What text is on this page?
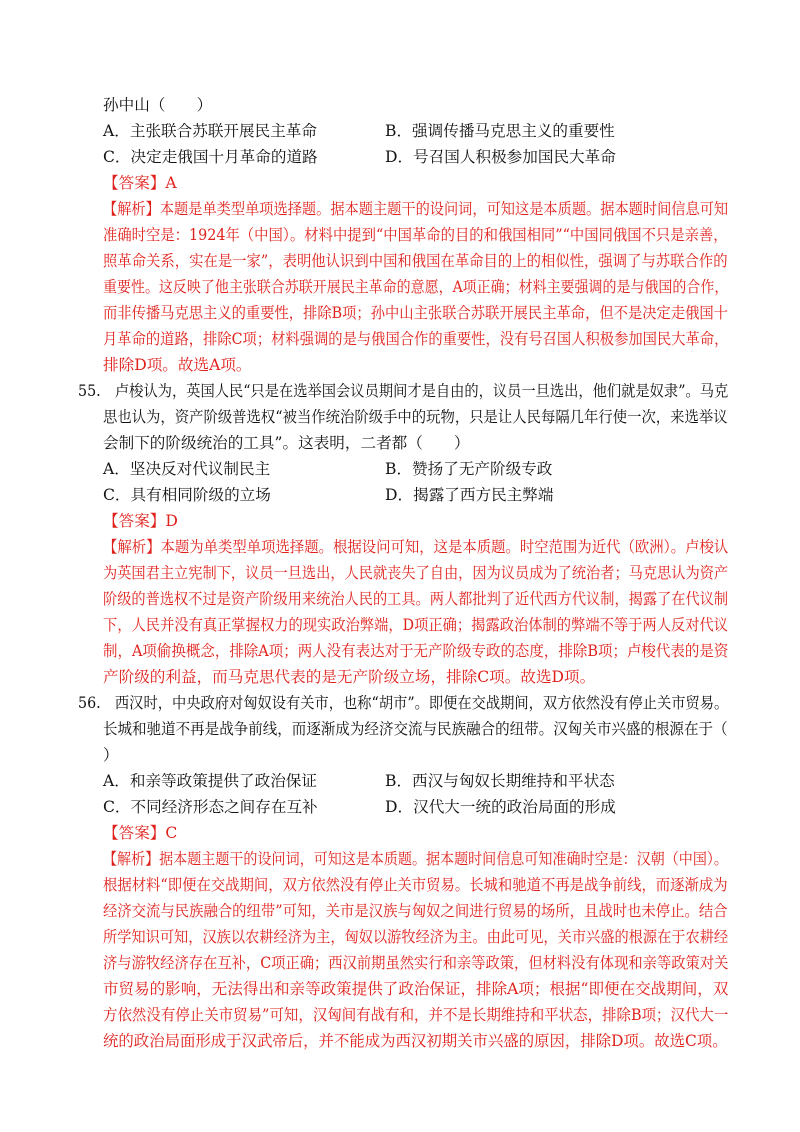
孙中山（　　）
A．主张联合苏联开展民主革命	B．强调传播马克思主义的重要性
C．决定走俄国十月革命的道路	D．号召国人积极参加国民大革命
【答案】A
【解析】本题是单类型单项选择题。据本题主题干的设问词，可知这是本质题。据本题时间信息可知
准确时空是：1924年（中国）。材料中提到“中国革命的目的和俄国相同”“中国同俄国不只是亲善，
照革命关系，实在是一家”，表明他认识到中国和俄国在革命目的上的相似性，强调了与苏联合作的
重要性。这反映了他主张联合苏联开展民主革命的意愿，A项正确；材料主要强调的是与俄国的合作，
而非传播马克思主义的重要性，排除B项；孙中山主张联合苏联开展民主革命，但不是决定走俄国十
月革命的道路，排除C项；材料强调的是与俄国合作的重要性，没有号召国人积极参加国民大革命，
排除D项。故选A项。
55.　卢梭认为，英国人民“只是在选举国会议员期间才是自由的，议员一旦选出，他们就是奴隶”。马克
思也认为，资产阶级普选权“被当作统治阶级手中的玩物，只是让人民每隔几年行使一次，来选举议
会制下的阶级统治的工具”。这表明，二者都（　　）
A．坚决反对代议制民主	B．赞扬了无产阶级专政
C．具有相同阶级的立场	D．揭露了西方民主弊端
【答案】D
【解析】本题为单类型单项选择题。根据设问可知，这是本质题。时空范围为近代（欧洲）。卢梭认
为英国君主立宪制下，议员一旦选出，人民就丧失了自由，因为议员成为了统治者；马克思认为资产
阶级的普选权不过是资产阶级用来统治人民的工具。两人都批判了近代西方代议制，揭露了在代议制
下，人民并没有真正掌握权力的现实政治弊端，D项正确；揭露政治体制的弊端不等于两人反对代议
制，A项偷换概念，排除A项；两人没有表达对于无产阶级专政的态度，排除B项；卢梭代表的是资
产阶级的利益，而马克思代表的是无产阶级立场，排除C项。故选D项。
56.　西汉时，中央政府对匈奴设有关市，也称“胡市”。即便在交战期间，双方依然没有停止关市贸易。
长城和驰道不再是战争前线，而逐渐成为经济交流与民族融合的纽带。汉匈关市兴盛的根源在于（
）
A．和亲等政策提供了政治保证	B．西汉与匈奴长期维持和平状态
C．不同经济形态之间存在互补	D．汉代大一统的政治局面的形成
【答案】C
【解析】据本题主题干的设问词，可知这是本质题。据本题时间信息可知准确时空是：汉朝（中国）。
根据材料“即便在交战期间，双方依然没有停止关市贸易。长城和驰道不再是战争前线，而逐渐成为
经济交流与民族融合的纽带”可知，关市是汉族与匈奴之间进行贸易的场所，且战时也未停止。结合
所学知识可知，汉族以农耕经济为主，匈奴以游牧经济为主。由此可见，关市兴盛的根源在于农耕经
济与游牧经济存在互补，C项正确；西汉前期虽然实行和亲等政策，但材料没有体现和亲等政策对关
市贸易的影响，无法得出和亲等政策提供了政治保证，排除A项；根据“即便在交战期间，双
方依然没有停止关市贸易”可知，汉匈间有战有和，并不是长期维持和平状态，排除B项；汉代大一
统的政治局面形成于汉武帝后，并不能成为西汉初期关市兴盛的原因，排除D项。故选C项。
